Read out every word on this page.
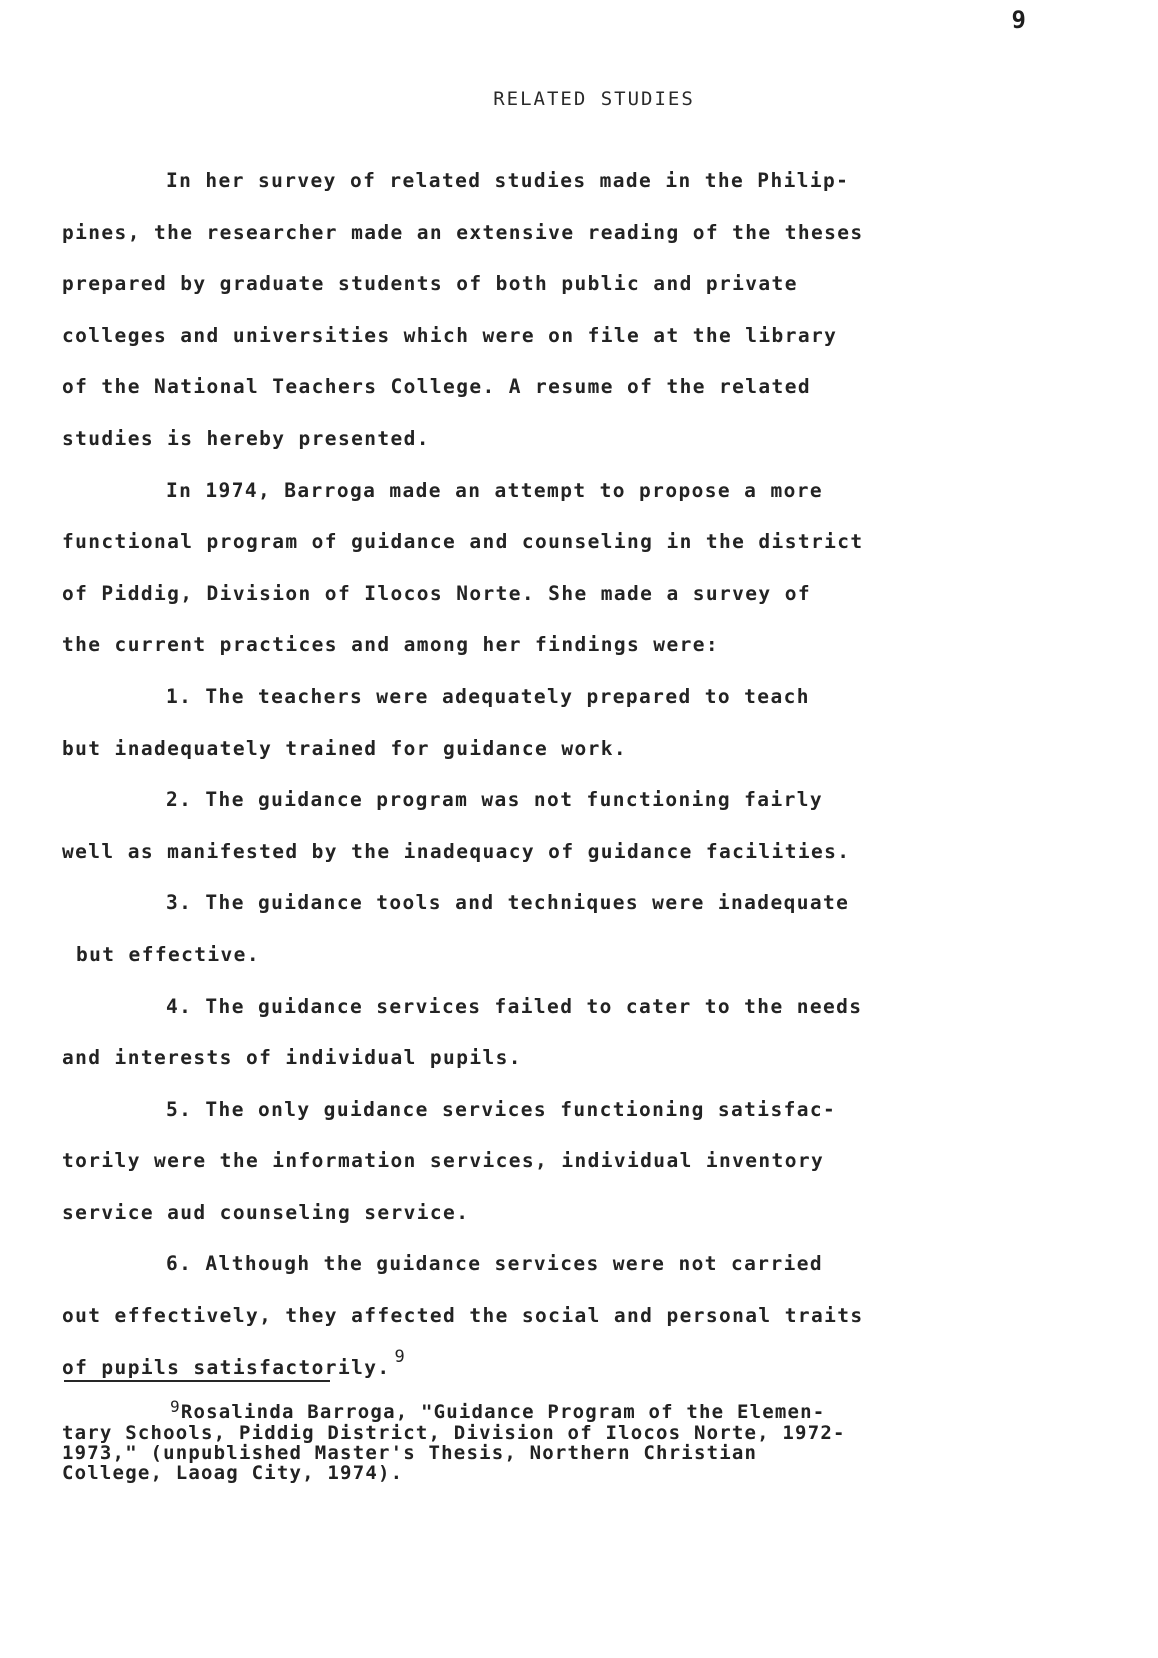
9
RELATED STUDIES
In her survey of related studies made in the Philip-
pines, the researcher made an extensive reading of the theses
prepared by graduate students of both public and private
colleges and universities which were on file at the library
of the National Teachers College. A resume of the related
studies is hereby presented.
In 1974, Barroga made an attempt to propose a more
functional program of guidance and counseling in the district
of Piddig, Division of Ilocos Norte. She made a survey of
the current practices and among her findings were:
1. The teachers were adequately prepared to teach
but inadequately trained for guidance work.
2. The guidance program was not functioning fairly
well as manifested by the inadequacy of guidance facilities.
3. The guidance tools and techniques were inadequate
but effective.
4. The guidance services failed to cater to the needs
and interests of individual pupils.
5. The only guidance services functioning satisfac-
torily were the information services, individual inventory
service aud counseling service.
6. Although the guidance services were not carried
out effectively, they affected the social and personal traits
of pupils satisfactorily. 9
$^9$Rosalinda Barroga, "Guidance Program of the Elemen-
tary Schools, Piddig District, Division of Ilocos Norte, 1972-
1973," (unpublished Master's Thesis, Northern Christian
College, Laoag City, 1974).
